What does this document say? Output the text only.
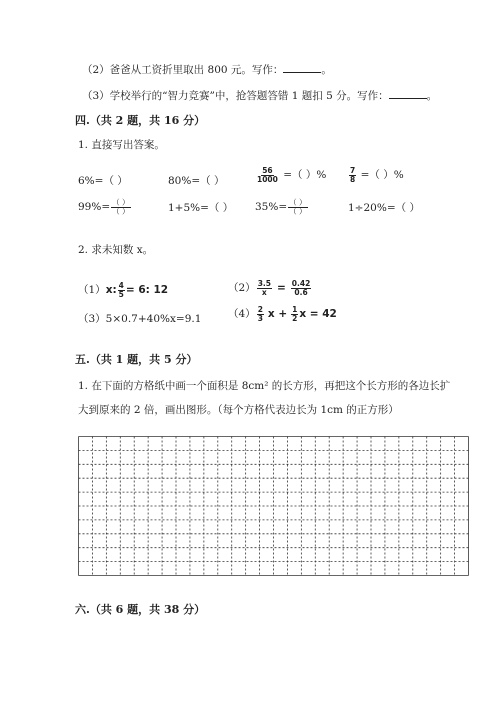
（2）爸爸从工资折里取出 800 元。写作：	。
（3）学校举行的“智力竞赛”中，抢答题答错 1 题扣 5 分。写作：	。
四.（共 2 题，共 16 分）
1. 直接写出答案。
6%=（ ）	80%=（ ）	$\frac{56}{1000}$ =（ ）%	$\frac{7}{8}$ =（ ）%
$99\%= \frac{( )}{( )}$	1+5%=（ ） $35\%= \frac{( )}{( )}$	1÷20%=（ ）
2. 求未知数 x。
（1）x: $\frac{4}{5} = 6$: 12	$(2) \frac{3.5}{x} = \frac{0.42}{0.6}$
（3）5×0.7+40%x=9.1	$(4) \frac{2}{3}$ $x + \frac{1}{2}$ x = 42
五.（共 1 题，共 5 分）
1. 在下面的方格纸中画一个面积是 8cm² 的长方形，再把这个长方形的各边长扩
大到原来的 2 倍，画出图形。（每个方格代表边长为 1cm 的正方形）
六.（共 6 题，共 38 分）
